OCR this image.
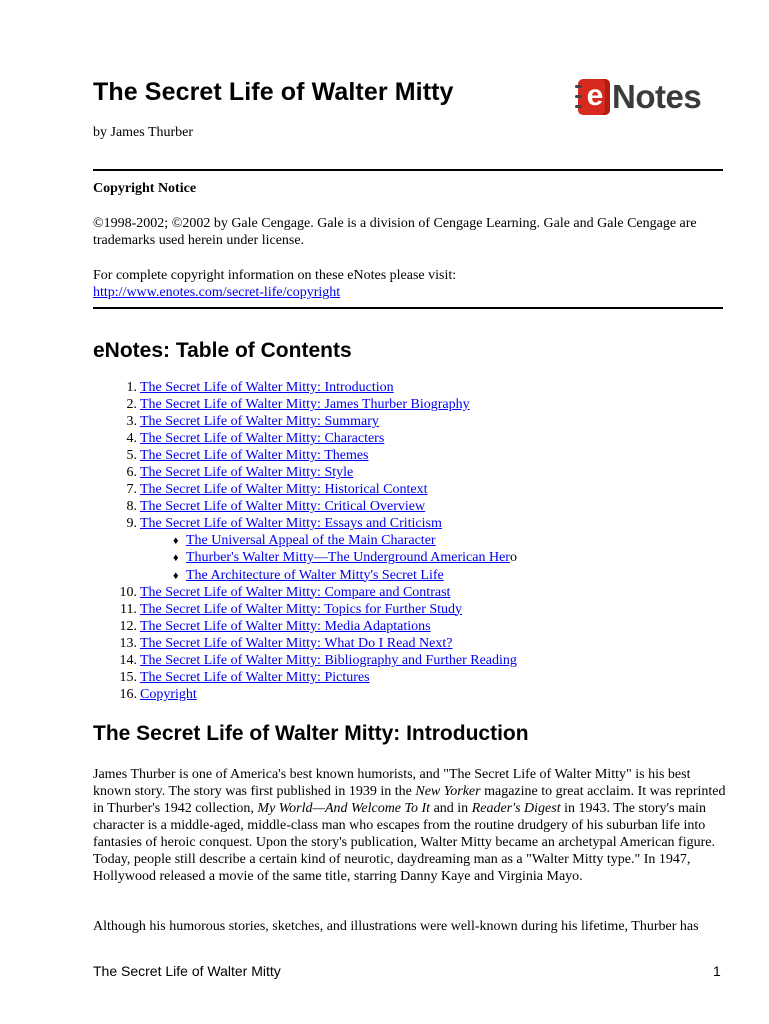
The Secret Life of Walter Mitty
by James Thurber
e Notes
Copyright Notice

©1998-2002; ©2002 by Gale Cengage. Gale is a division of Cengage Learning. Gale and Gale Cengage are trademarks used herein under license.

For complete copyright information on these eNotes please visit:
http://www.enotes.com/secret-life/copyright

eNotes: Table of Contents
1. The Secret Life of Walter Mitty: Introduction
2. The Secret Life of Walter Mitty: James Thurber Biography
3. The Secret Life of Walter Mitty: Summary
4. The Secret Life of Walter Mitty: Characters
5. The Secret Life of Walter Mitty: Themes
6. The Secret Life of Walter Mitty: Style
7. The Secret Life of Walter Mitty: Historical Context
8. The Secret Life of Walter Mitty: Critical Overview
9. The Secret Life of Walter Mitty: Essays and Criticism
♦ The Universal Appeal of the Main Character
♦ Thurber's Walter Mitty—The Underground American Hero
♦ The Architecture of Walter Mitty's Secret Life
10. The Secret Life of Walter Mitty: Compare and Contrast
11. The Secret Life of Walter Mitty: Topics for Further Study
12. The Secret Life of Walter Mitty: Media Adaptations
13. The Secret Life of Walter Mitty: What Do I Read Next?
14. The Secret Life of Walter Mitty: Bibliography and Further Reading
15. The Secret Life of Walter Mitty: Pictures
16. Copyright
The Secret Life of Walter Mitty: Introduction

James Thurber is one of America's best known humorists, and "The Secret Life of Walter Mitty" is his best known story. The story was first published in 1939 in the New Yorker magazine to great acclaim. It was reprinted in Thurber's 1942 collection, My World—And Welcome To It and in Reader's Digest in 1943. The story's main character is a middle-aged, middle-class man who escapes from the routine drudgery of his suburban life into fantasies of heroic conquest. Upon the story's publication, Walter Mitty became an archetypal American figure. Today, people still describe a certain kind of neurotic, daydreaming man as a "Walter Mitty type." In 1947, Hollywood released a movie of the same title, starring Danny Kaye and Virginia Mayo.

Although his humorous stories, sketches, and illustrations were well-known during his lifetime, Thurber has

The Secret Life of Walter Mitty	1
